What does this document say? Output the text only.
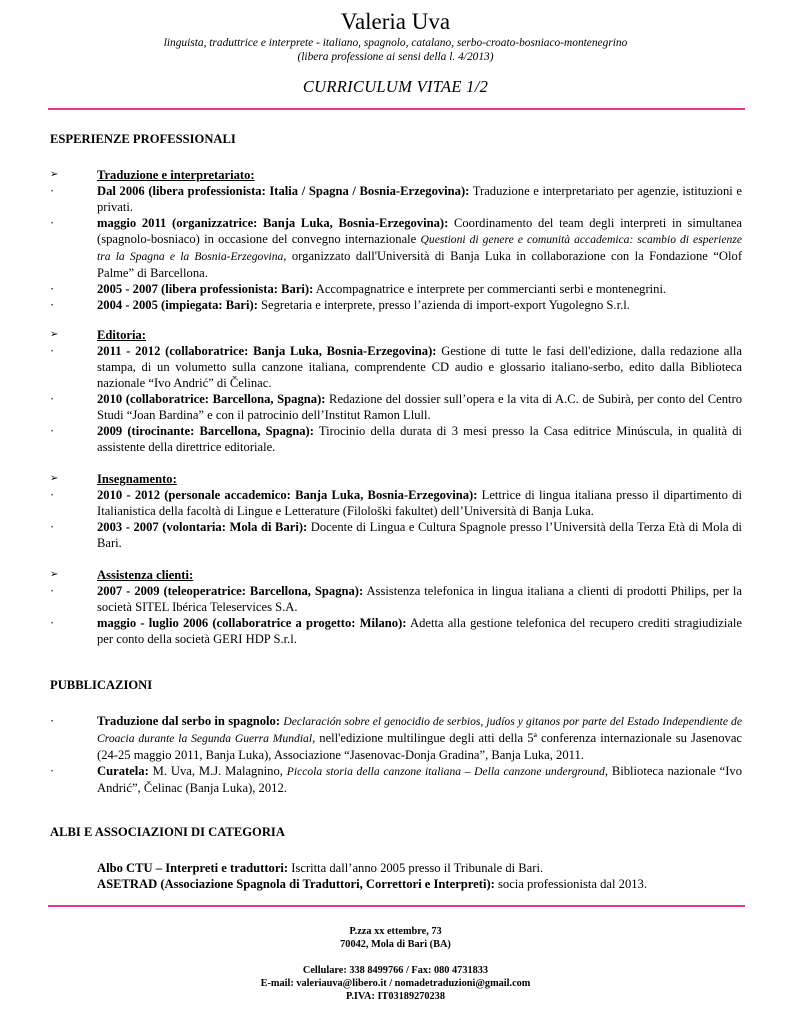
Valeria Uva
linguista, traduttrice e interprete - italiano, spagnolo, catalano, serbo-croato-bosniaco-montenegrino
(libera professione ai sensi della l. 4/2013)
CURRICULUM VITAE 1/2
ESPERIENZE PROFESSIONALI
➢	Traduzione e interpretariato:
·	Dal 2006 (libera professionista: Italia / Spagna / Bosnia-Erzegovina): Traduzione e interpretariato per agenzie, istituzioni e privati.
·	maggio 2011 (organizzatrice: Banja Luka, Bosnia-Erzegovina): Coordinamento del team degli interpreti in simultanea (spagnolo-bosniaco) in occasione del convegno internazionale Questioni di genere e comunità accademica: scambio di esperienze tra la Spagna e la Bosnia-Erzegovina, organizzato dall'Università di Banja Luka in collaborazione con la Fondazione “Olof Palme” di Barcellona.
·	2005 - 2007 (libera professionista: Bari): Accompagnatrice e interprete per commercianti serbi e montenegrini.
·	2004 - 2005 (impiegata: Bari): Segretaria e interprete, presso l’azienda di import-export Yugolegno S.r.l.
➢	Editoria:
·	2011 - 2012 (collaboratrice: Banja Luka, Bosnia-Erzegovina): Gestione di tutte le fasi dell'edizione, dalla redazione alla stampa, di un volumetto sulla canzone italiana, comprendente CD audio e glossario italiano-serbo, edito dalla Biblioteca nazionale “Ivo Andrić” di Čelinac.
·	2010 (collaboratrice: Barcellona, Spagna): Redazione del dossier sull’opera e la vita di A.C. de Subirà, per conto del Centro Studi “Joan Bardina” e con il patrocinio dell’Institut Ramon Llull.
·	2009 (tirocinante: Barcellona, Spagna): Tirocinio della durata di 3 mesi presso la Casa editrice Minúscula, in qualità di assistente della direttrice editoriale.
➢	Insegnamento:
·	2010 - 2012 (personale accademico: Banja Luka, Bosnia-Erzegovina): Lettrice di lingua italiana presso il dipartimento di Italianistica della facoltà di Lingue e Letterature (Filološki fakultet) dell’Università di Banja Luka.
·	2003 - 2007 (volontaria: Mola di Bari): Docente di Lingua e Cultura Spagnole presso l’Università della Terza Età di Mola di Bari.
➢	Assistenza clienti:
·	2007 - 2009 (teleoperatrice: Barcellona, Spagna): Assistenza telefonica in lingua italiana a clienti di prodotti Philips, per la società SITEL Ibérica Teleservices S.A.
·	maggio - luglio 2006 (collaboratrice a progetto: Milano): Adetta alla gestione telefonica del recupero crediti stragiudiziale per conto della società GERI HDP S.r.l.
PUBBLICAZIONI
·	Traduzione dal serbo in spagnolo: Declaración sobre el genocidio de serbios, judíos y gitanos por parte del Estado Independiente de Croacia durante la Segunda Guerra Mundial, nell'edizione multilingue degli atti della 5ª conferenza internazionale su Jasenovac (24-25 maggio 2011, Banja Luka), Associazione “Jasenovac-Donja Gradina”, Banja Luka, 2011.
·	Curatela: M. Uva, M.J. Malagnino, Piccola storia della canzone italiana – Della canzone underground, Biblioteca nazionale “Ivo Andrić”, Čelinac (Banja Luka), 2012.
ALBI E ASSOCIAZIONI DI CATEGORIA
Albo CTU – Interpreti e traduttori: Iscritta dall’anno 2005 presso il Tribunale di Bari.
ASETRAD (Associazione Spagnola di Traduttori, Correttori e Interpreti): socia professionista dal 2013.
P.zza xx ettembre, 73
70042, Mola di Bari (BA)
Cellulare: 338 8499766 / Fax: 080 4731833
E-mail: valeriauva@libero.it / nomadetraduzioni@gmail.com
P.IVA: IT03189270238
